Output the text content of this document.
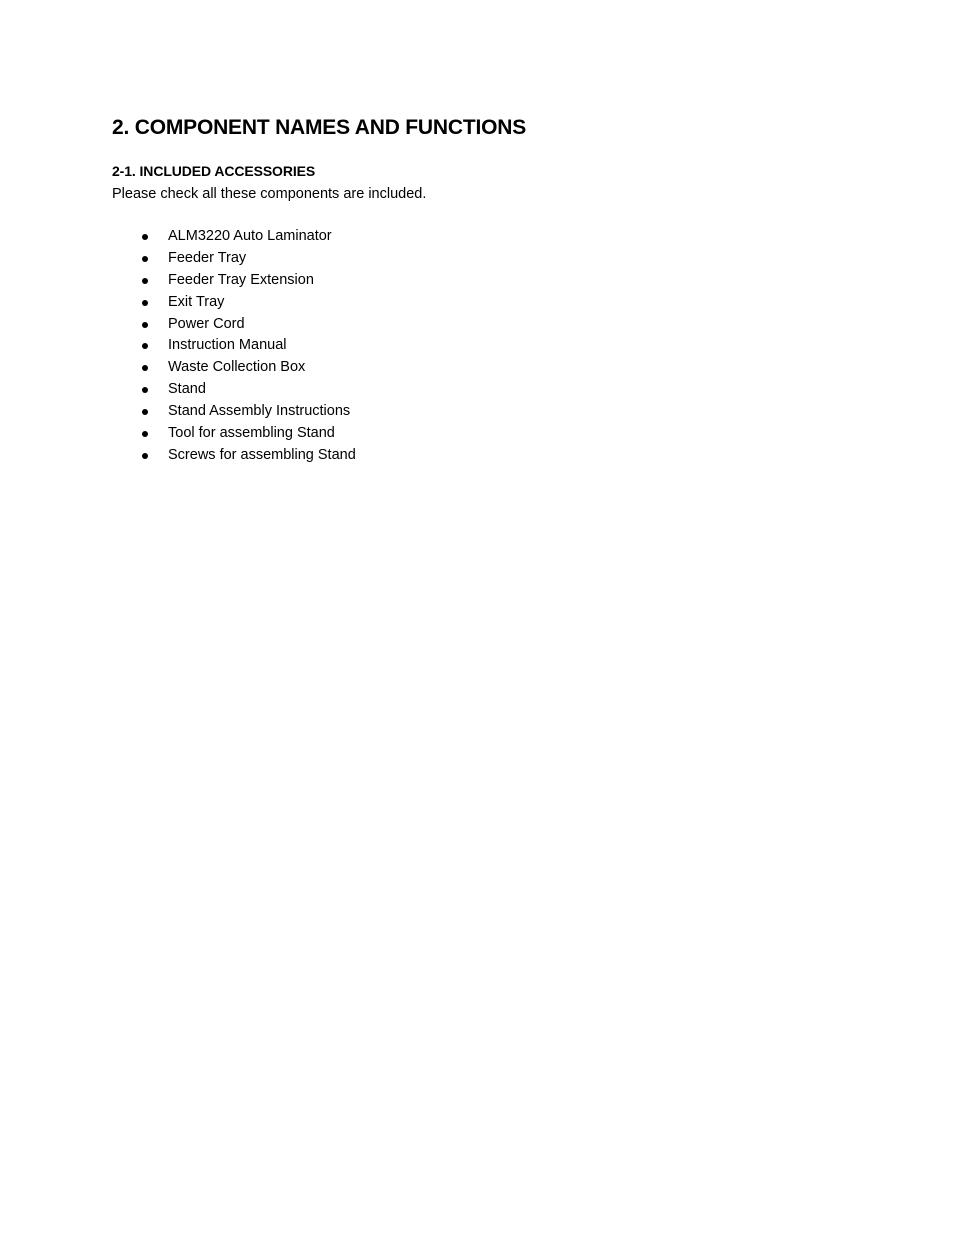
2. COMPONENT NAMES AND FUNCTIONS
2-1. INCLUDED ACCESSORIES

Please check all these components are included.

ALM3220 Auto Laminator
Feeder Tray
Feeder Tray Extension
Exit Tray
Power Cord
Instruction Manual
Waste Collection Box
Stand
Stand Assembly Instructions
Tool for assembling Stand
Screws for assembling Stand
